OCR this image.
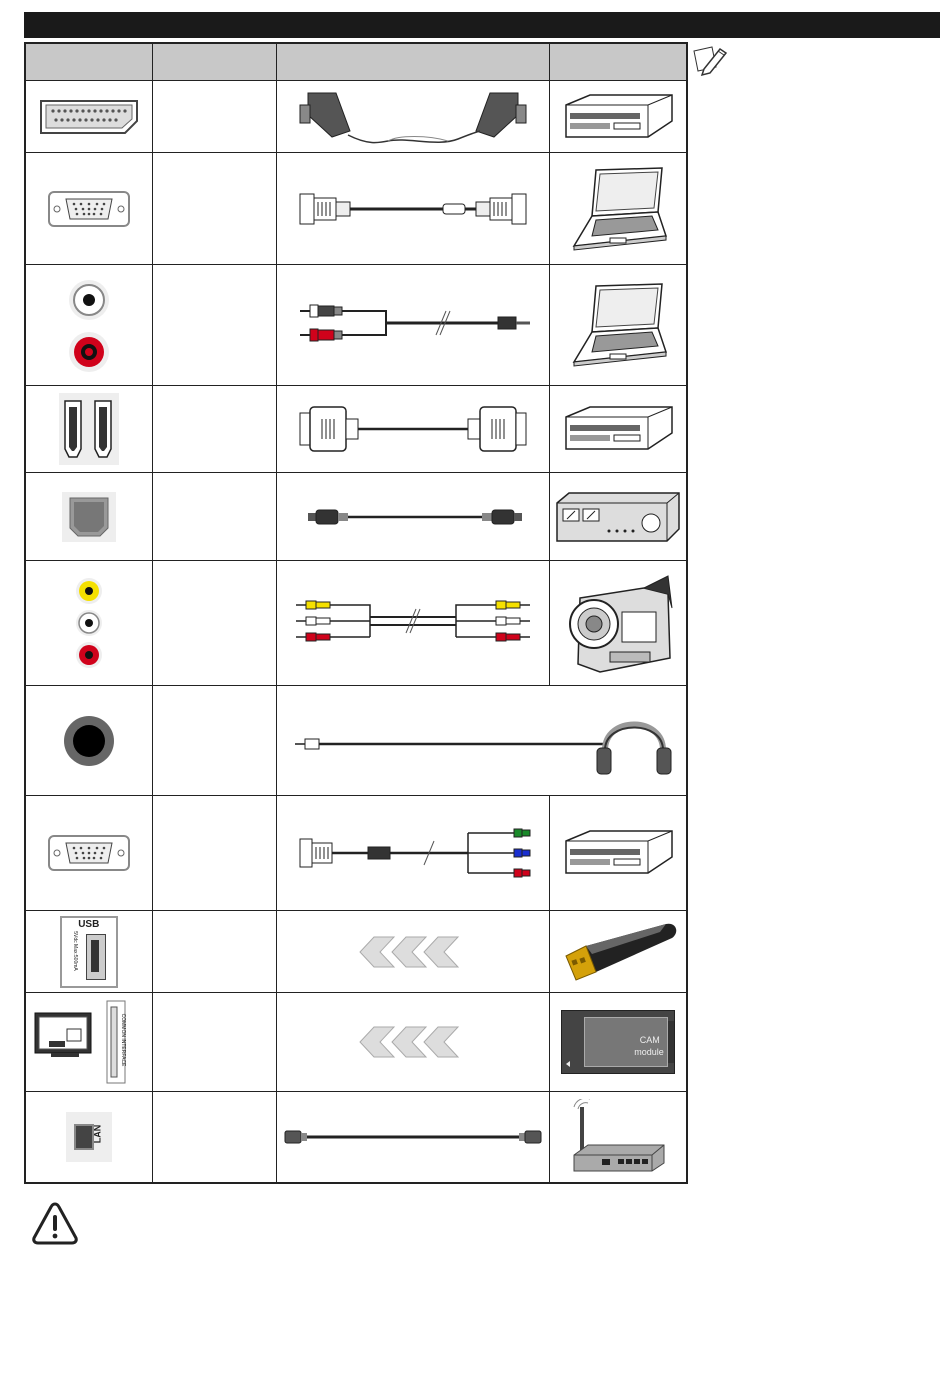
USB
5Vdc Max:500mA

COMMON INTERFACE			CAM
module

LAN
